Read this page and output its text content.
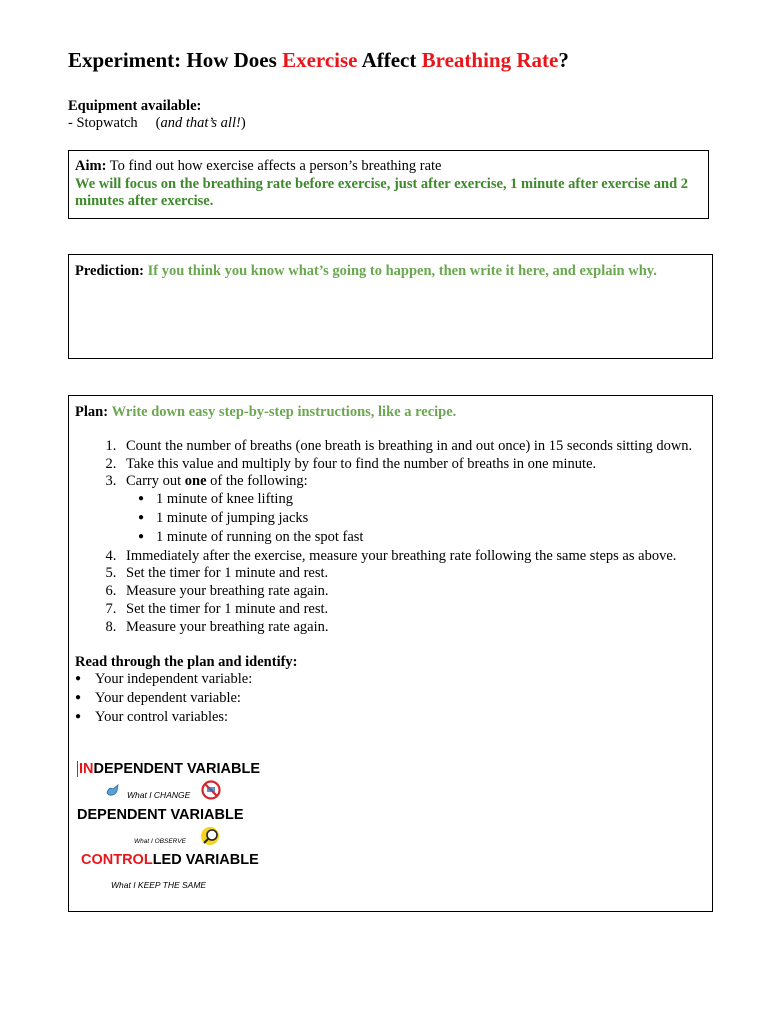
Experiment: How Does Exercise Affect Breathing Rate?
Equipment available:
- Stopwatch (and that’s all!)
Aim: To find out how exercise affects a person’s breathing rate
We will focus on the breathing rate before exercise, just after exercise, 1 minute after exercise and 2 minutes after exercise.
Prediction: If you think you know what’s going to happen, then write it here, and explain why.
Plan: Write down easy step-by-step instructions, like a recipe.
1. Count the number of breaths (one breath is breathing in and out once) in 15 seconds sitting down.
2. Take this value and multiply by four to find the number of breaths in one minute.
3. Carry out one of the following:
● 1 minute of knee lifting
● 1 minute of jumping jacks
● 1 minute of running on the spot fast
4. Immediately after the exercise, measure your breathing rate following the same steps as above.
5. Set the timer for 1 minute and rest.
6. Measure your breathing rate again.
7. Set the timer for 1 minute and rest.
8. Measure your breathing rate again.
Read through the plan and identify:
● Your independent variable:
● Your dependent variable:
● Your control variables:
INDEPENDENT VARIABLE
What I CHANGE
DEPENDENT VARIABLE
What I OBSERVE
CONTROLLED VARIABLE
What I KEEP THE SAME
